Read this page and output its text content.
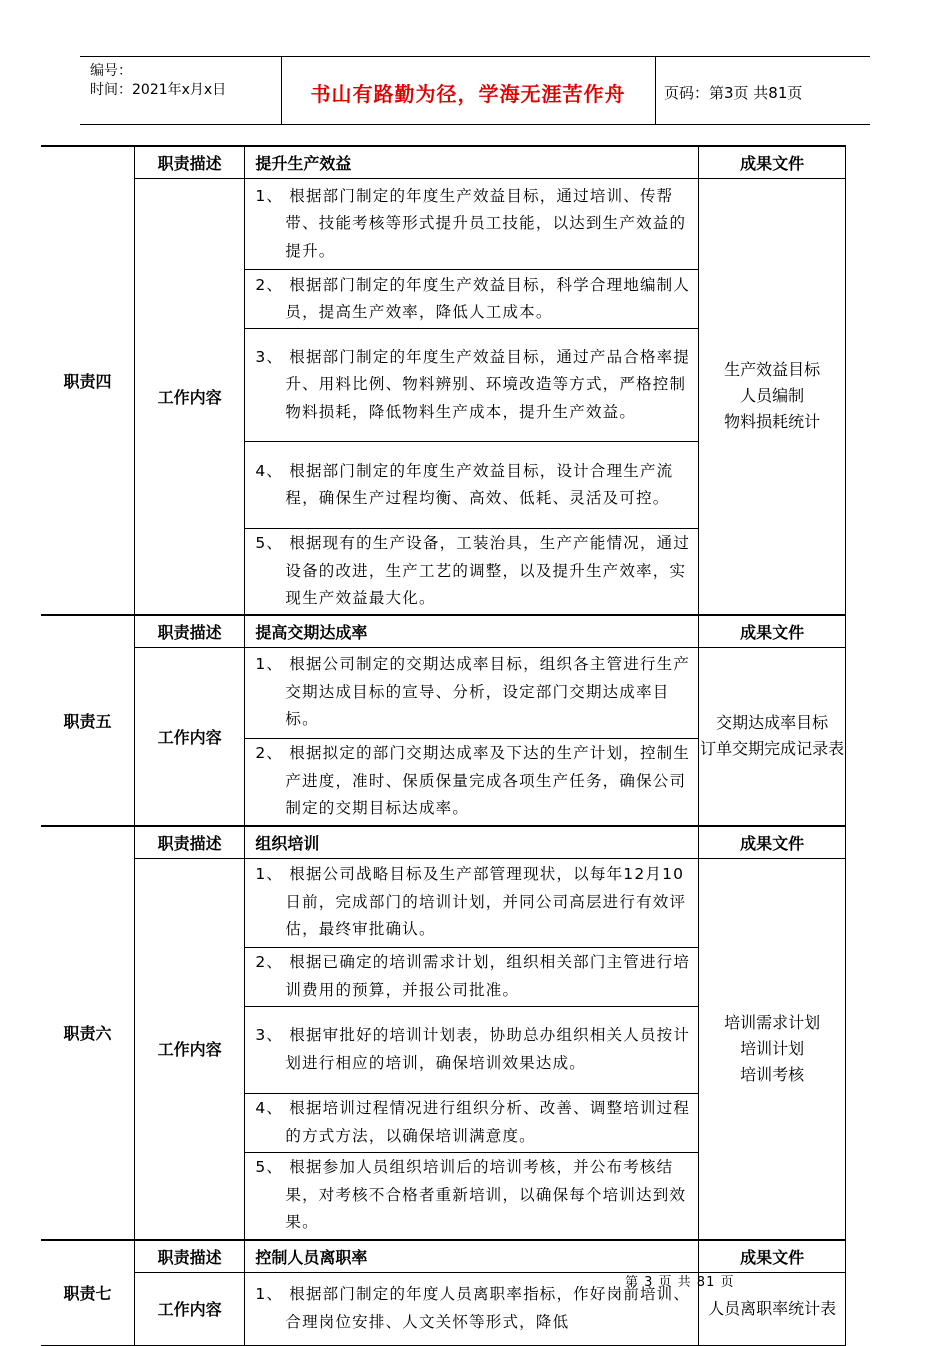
编号：
时间：2021年x月x日	书山有路勤为径，学海无涯苦作舟	页码：第3页 共81页
职责四	职责描述	提升生产效益	成果文件
	工作内容	1、 根据部门制定的年度生产效益目标，通过培训、传帮带、技能考核等形式提升员工技能，以达到生产效益的提升。	生产效益目标
人员编制
物料损耗统计

		2、 根据部门制定的年度生产效益目标，科学合理地编制人员，提高生产效率，降低人工成本。	
		3、 根据部门制定的年度生产效益目标，通过产品合格率提升、用料比例、物料辨别、环境改造等方式，严格控制物料损耗，降低物料生产成本，提升生产效益。	
		4、 根据部门制定的年度生产效益目标，设计合理生产流程，确保生产过程均衡、高效、低耗、灵活及可控。	
		5、 根据现有的生产设备，工装治具，生产产能情况，通过设备的改进，生产工艺的调整，以及提升生产效率，实现生产效益最大化。	
职责五	职责描述	提高交期达成率	成果文件
	工作内容	1、 根据公司制定的交期达成率目标，组织各主管进行生产交期达成目标的宣导、分析，设定部门交期达成率目标。	交期达成率目标
订单交期完成记录表

		2、 根据拟定的部门交期达成率及下达的生产计划，控制生产进度，准时、保质保量完成各项生产任务，确保公司制定的交期目标达成率。	
职责六	职责描述	组织培训	成果文件
	工作内容	1、 根据公司战略目标及生产部管理现状，以每年12月10日前，完成部门的培训计划，并同公司高层进行有效评估，最终审批确认。	培训需求计划
培训计划
培训考核

		2、 根据已确定的培训需求计划，组织相关部门主管进行培训费用的预算，并报公司批准。	
		3、 根据审批好的培训计划表，协助总办组织相关人员按计划进行相应的培训，确保培训效果达成。	
		4、 根据培训过程情况进行组织分析、改善、调整培训过程的方式方法，以确保培训满意度。	
		5、 根据参加人员组织培训后的培训考核，并公布考核结果，对考核不合格者重新培训，以确保每个培训达到效果。	
职责七	职责描述	控制人员离职率	成果文件
	工作内容	1、 根据部门制定的年度人员离职率指标，作好岗前培训、合理岗位安排、人文关怀等形式，降低	人员离职率统计表
第 3 页 共 81 页
